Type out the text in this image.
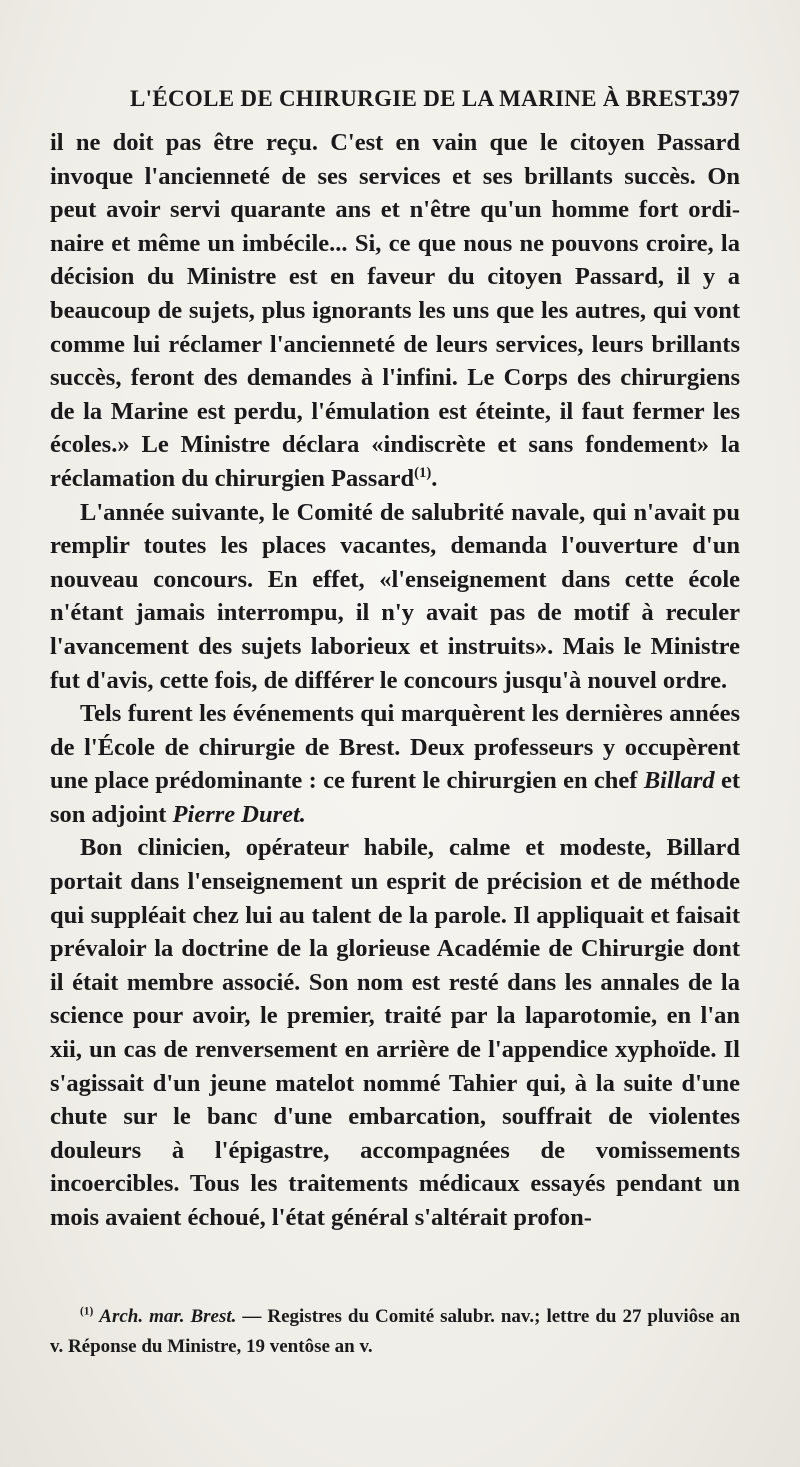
L'ÉCOLE DE CHIRURGIE DE LA MARINE À BREST.
397

il ne doit pas être reçu. C'est en vain que le citoyen Passard invoque l'ancienneté de ses services et ses brillants succès. On peut avoir servi quarante ans et n'être qu'un homme fort ordinaire et même un imbécile... Si, ce que nous ne pouvons croire, la décision du Ministre est en faveur du citoyen Passard, il y a beaucoup de sujets, plus ignorants les uns que les autres, qui vont comme lui réclamer l'ancienneté de leurs services, leurs brillants succès, feront des demandes à l'infini. Le Corps des chirurgiens de la Marine est perdu, l'émulation est éteinte, il faut fermer les écoles.» Le Ministre déclara «indiscrète et sans fondement» la réclamation du chirurgien Passard$^{(1)}$.

L'année suivante, le Comité de salubrité navale, qui n'avait pu remplir toutes les places vacantes, demanda l'ouverture d'un nouveau concours. En effet, «l'enseignement dans cette école n'étant jamais interrompu, il n'y avait pas de motif à reculer l'avancement des sujets laborieux et instruits». Mais le Ministre fut d'avis, cette fois, de différer le concours jusqu'à nouvel ordre.

Tels furent les événements qui marquèrent les dernières années de l'École de chirurgie de Brest. Deux professeurs y occupèrent une place prédominante : ce furent le chirurgien en chef Billard et son adjoint Pierre Duret.

Bon clinicien, opérateur habile, calme et modeste, Billard portait dans l'enseignement un esprit de précision et de méthode qui suppléait chez lui au talent de la parole. Il appliquait et faisait prévaloir la doctrine de la glorieuse Académie de Chirurgie dont il était membre associé. Son nom est resté dans les annales de la science pour avoir, le premier, traité par la laparotomie, en l'an xii, un cas de renversement en arrière de l'appendice xyphoïde. Il s'agissait d'un jeune matelot nommé Tahier qui, à la suite d'une chute sur le banc d'une embarcation, souffrait de violentes douleurs à l'épigastre, accompagnées de vomissements incoercibles. Tous les traitements médicaux essayés pendant un mois avaient échoué, l'état général s'altérait profon-

$^{(1)}$ Arch. mar. Brest. — Registres du Comité salubr. nav.; lettre du 27 pluviôse an v. Réponse du Ministre, 19 ventôse an v.
